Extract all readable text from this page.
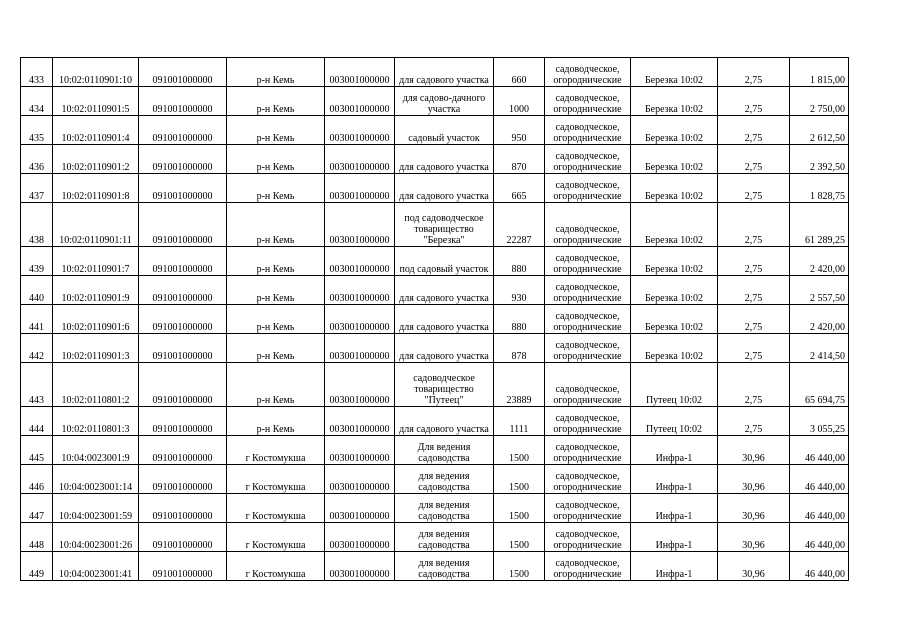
433	10:02:0110901:10	091001000000	р-н Кемь	003001000000	для садового участка	660	садоводческое, огороднические	Березка 10:02	2,75	1 815,00
434	10:02:0110901:5	091001000000	р-н Кемь	003001000000	для садово-дачного участка	1000	садоводческое, огороднические	Березка 10:02	2,75	2 750,00
435	10:02:0110901:4	091001000000	р-н Кемь	003001000000	садовый участок	950	садоводческое, огороднические	Березка 10:02	2,75	2 612,50
436	10:02:0110901:2	091001000000	р-н Кемь	003001000000	для садового участка	870	садоводческое, огороднические	Березка 10:02	2,75	2 392,50
437	10:02:0110901:8	091001000000	р-н Кемь	003001000000	для садового участка	665	садоводческое, огороднические	Березка 10:02	2,75	1 828,75
438	10:02:0110901:11	091001000000	р-н Кемь	003001000000	под садоводческое товарищество "Березка"	22287	садоводческое, огороднические	Березка 10:02	2,75	61 289,25
439	10:02:0110901:7	091001000000	р-н Кемь	003001000000	под садовый участок	880	садоводческое, огороднические	Березка 10:02	2,75	2 420,00
440	10:02:0110901:9	091001000000	р-н Кемь	003001000000	для садового участка	930	садоводческое, огороднические	Березка 10:02	2,75	2 557,50
441	10:02:0110901:6	091001000000	р-н Кемь	003001000000	для садового участка	880	садоводческое, огороднические	Березка 10:02	2,75	2 420,00
442	10:02:0110901:3	091001000000	р-н Кемь	003001000000	для садового участка	878	садоводческое, огороднические	Березка 10:02	2,75	2 414,50
443	10:02:0110801:2	091001000000	р-н Кемь	003001000000	садоводческое товарищество "Путеец"	23889	садоводческое, огороднические	Путеец 10:02	2,75	65 694,75
444	10:02:0110801:3	091001000000	р-н Кемь	003001000000	для садового участка	1111	садоводческое, огороднические	Путеец 10:02	2,75	3 055,25
445	10:04:0023001:9	091001000000	г Костомукша	003001000000	Для ведения садоводства	1500	садоводческое, огороднические	Инфра-1	30,96	46 440,00
446	10:04:0023001:14	091001000000	г Костомукша	003001000000	для ведения садоводства	1500	садоводческое, огороднические	Инфра-1	30,96	46 440,00
447	10:04:0023001:59	091001000000	г Костомукша	003001000000	для ведения садоводства	1500	садоводческое, огороднические	Инфра-1	30,96	46 440,00
448	10:04:0023001:26	091001000000	г Костомукша	003001000000	для ведения садоводства	1500	садоводческое, огороднические	Инфра-1	30,96	46 440,00
449	10:04:0023001:41	091001000000	г Костомукша	003001000000	для ведения садоводства	1500	садоводческое, огороднические	Инфра-1	30,96	46 440,00
